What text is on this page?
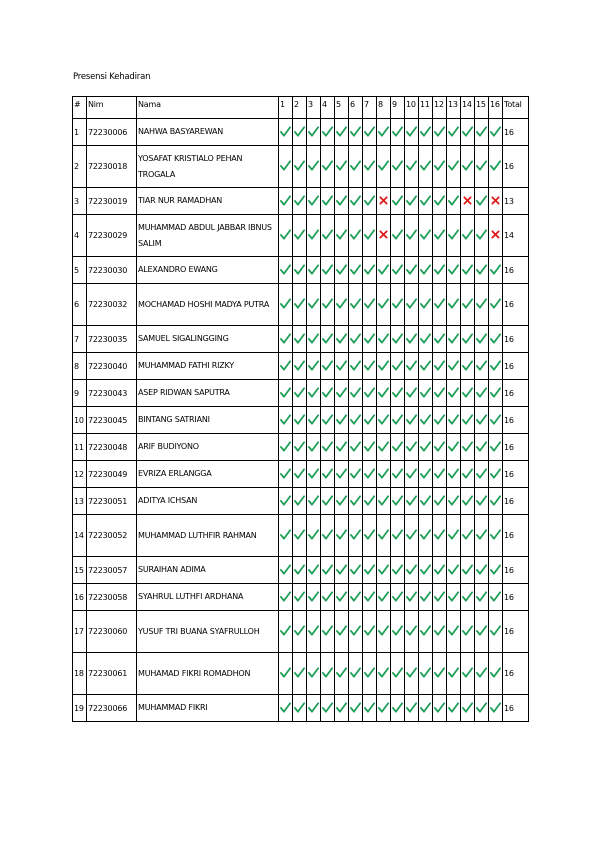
Presensi Kehadiran
#	Nim	Nama	1	2	3	4	5	6	7	8	9	10	11	12	13	14	15	16	Total
1	72230006	NAHWA BASYAREWAN																	16
2	72230018	YOSAFAT KRISTIALO PEHAN TROGALA																	16
3	72230019	TIAR NUR RAMADHAN																	13
4	72230029	MUHAMMAD ABDUL JABBAR IBNUS SALIM																	14
5	72230030	ALEXANDRO EWANG																	16
6	72230032	MOCHAMAD HOSHI MADYA PUTRA																	16
7	72230035	SAMUEL SIGALINGGING																	16
8	72230040	MUHAMMAD FATHI RIZKY																	16
9	72230043	ASEP RIDWAN SAPUTRA																	16
10	72230045	BINTANG SATRIANI																	16
11	72230048	ARIF BUDIYONO																	16
12	72230049	EVRIZA ERLANGGA																	16
13	72230051	ADITYA ICHSAN																	16
14	72230052	MUHAMMAD LUTHFIR RAHMAN																	16
15	72230057	SURAIHAN ADIMA																	16
16	72230058	SYAHRUL LUTHFI ARDHANA																	16
17	72230060	YUSUF TRI BUANA SYAFRULLOH																	16
18	72230061	MUHAMAD FIKRI ROMADHON																	16
19	72230066	MUHAMMAD FIKRI																	16
